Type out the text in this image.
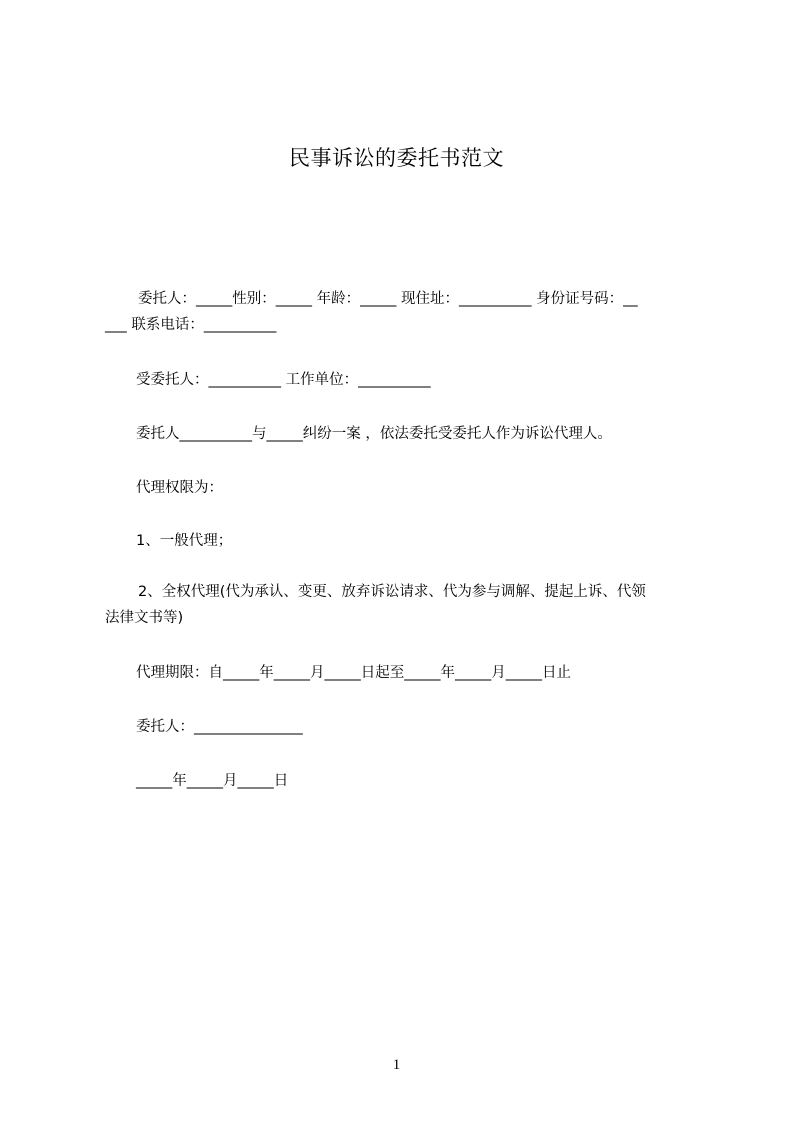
民事诉讼的委托书范文
委托人：_____性别：_____ 年龄：_____ 现住址：__________ 身份证号码：__
___ 联系电话：__________
受委托人：__________ 工作单位：__________
委托人__________与_____纠纷一案 ，依法委托受委托人作为诉讼代理人。
代理权限为：
1、一般代理；
2、全权代理(代为承认、变更、放弃诉讼请求、代为参与调解、提起上诉、代领
法律文书等)
代理期限：自_____年_____月_____日起至_____年_____月_____日止
委托人：_______________
_____年_____月_____日
1
